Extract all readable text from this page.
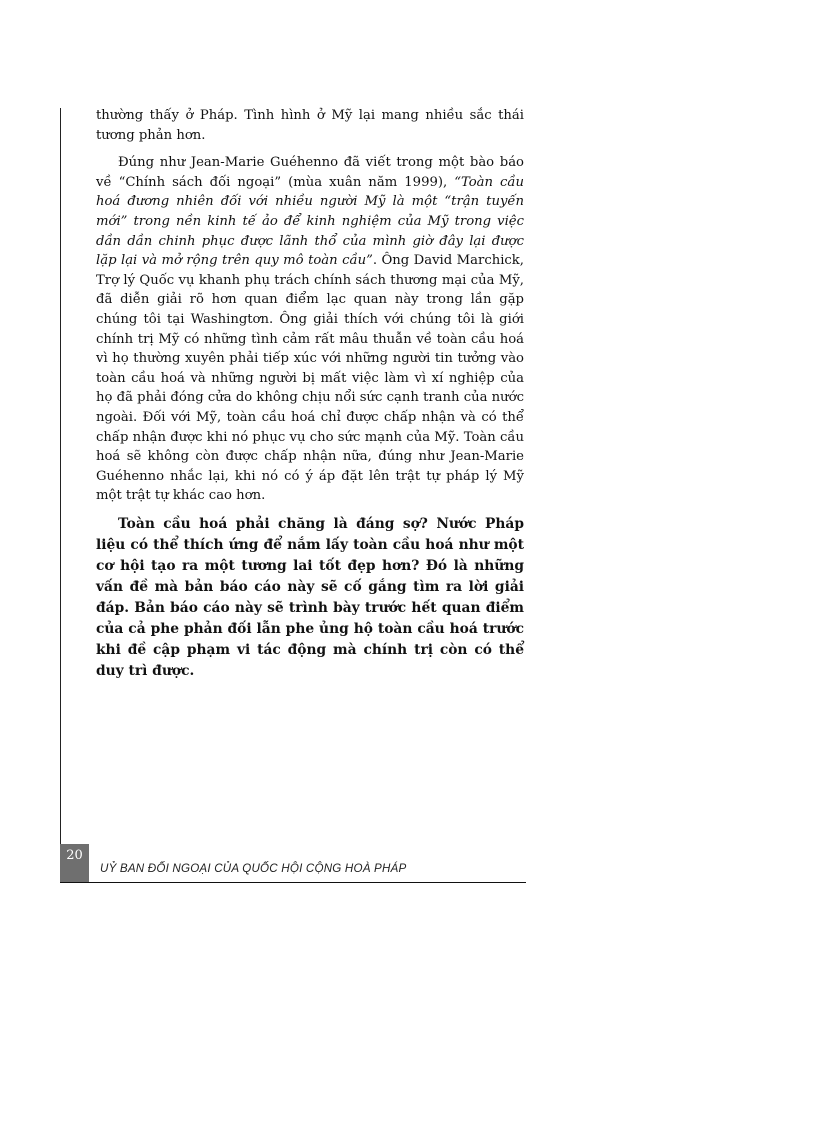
thường thấy ở Pháp. Tình hình ở Mỹ lại mang nhiều sắc thái tương phản hơn.

Đúng như Jean-Marie Guéhenno đã viết trong một bào báo về “Chính sách đối ngoại” (mùa xuân năm 1999), “Toàn cầu hoá đương nhiên đối với nhiều người Mỹ là một “trận tuyến mới” trong nền kinh tế ảo để kinh nghiệm của Mỹ trong việc dần dần chinh phục được lãnh thổ của mình giờ đây lại được lặp lại và mở rộng trên quy mô toàn cầu”. Ông David Marchick, Trợ lý Quốc vụ khanh phụ trách chính sách thương mại của Mỹ, đã diễn giải rõ hơn quan điểm lạc quan này trong lần gặp chúng tôi tại Washingtơn. Ông giải thích với chúng tôi là giới chính trị Mỹ có những tình cảm rất mâu thuẫn về toàn cầu hoá vì họ thường xuyên phải tiếp xúc với những người tin tưởng vào toàn cầu hoá và những người bị mất việc làm vì xí nghiệp của họ đã phải đóng cửa do không chịu nổi sức cạnh tranh của nước ngoài. Đối với Mỹ, toàn cầu hoá chỉ được chấp nhận và có thể chấp nhận được khi nó phục vụ cho sức mạnh của Mỹ. Toàn cầu hoá sẽ không còn được chấp nhận nữa, đúng như Jean-Marie Guéhenno nhắc lại, khi nó có ý áp đặt lên trật tự pháp lý Mỹ một trật tự khác cao hơn.

Toàn cầu hoá phải chăng là đáng sợ? Nước Pháp liệu có thể thích ứng để nắm lấy toàn cầu hoá như một cơ hội tạo ra một tương lai tốt đẹp hơn? Đó là những vấn đề mà bản báo cáo này sẽ cố gắng tìm ra lời giải đáp. Bản báo cáo này sẽ trình bày trước hết quan điểm của cả phe phản đối lẫn phe ủng hộ toàn cầu hoá trước khi đề cập phạm vi tác động mà chính trị còn có thể duy trì được.

20
UỶ BAN ĐỐI NGOẠI CỦA QUỐC HỘI CỘNG HOÀ PHÁP
